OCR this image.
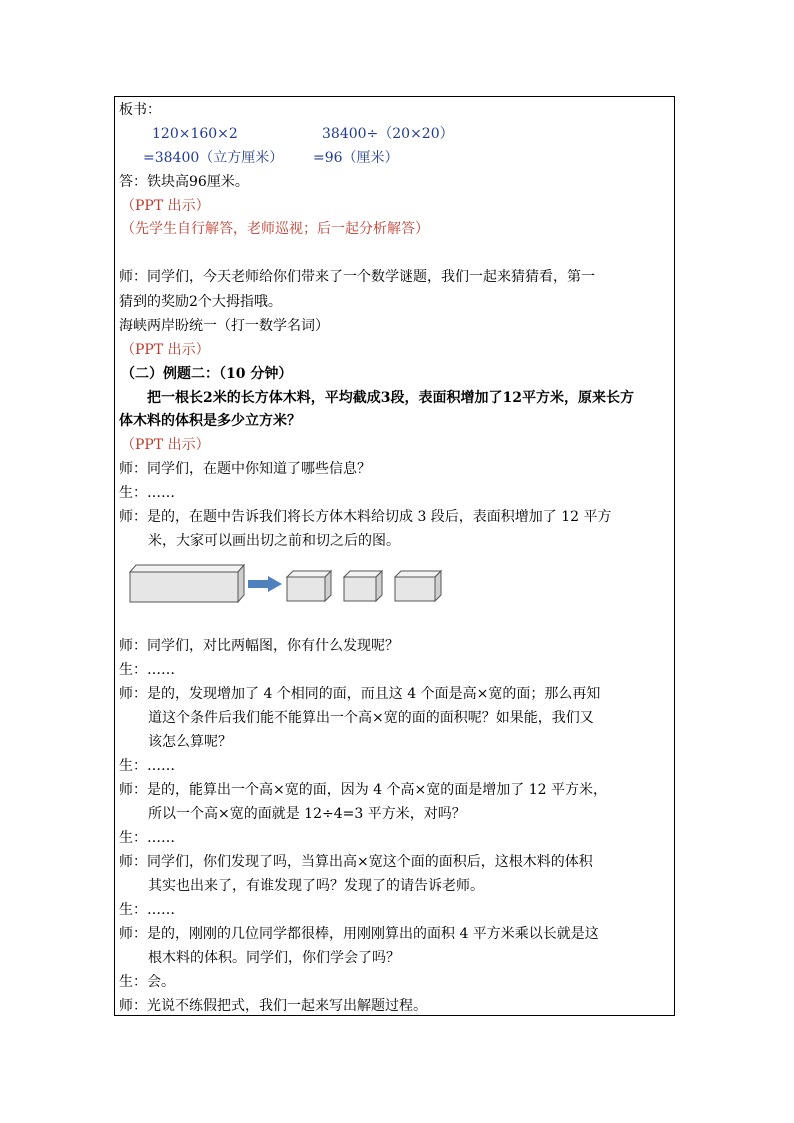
板书：
120×160×2	38400÷（20×20）
=38400（立方厘米） =96（厘米）
答：铁块高96厘米。
（PPT 出示）
（先学生自行解答，老师巡视；后一起分析解答）
师：同学们，今天老师给你们带来了一个数学谜题，我们一起来猜猜看，第一
猜到的奖励2个大拇指哦。
海峡两岸盼统一（打一数学名词）
（PPT 出示）
（二）例题二：（10 分钟）
把一根长2米的长方体木料，平均截成3段，表面积增加了12平方米，原来长方
体木料的体积是多少立方米？
（PPT 出示）
师：同学们，在题中你知道了哪些信息？
生：……
师：是的，在题中告诉我们将长方体木料给切成 3 段后，表面积增加了 12 平方
米，大家可以画出切之前和切之后的图。
师：同学们，对比两幅图，你有什么发现呢？
生：……
师：是的，发现增加了 4 个相同的面，而且这 4 个面是高×宽的面；那么再知
道这个条件后我们能不能算出一个高×宽的面的面积呢？如果能，我们又
该怎么算呢？
生：……
师：是的，能算出一个高×宽的面，因为 4 个高×宽的面是增加了 12 平方米，
所以一个高×宽的面就是 12÷4=3 平方米，对吗？
生：……
师：同学们，你们发现了吗，当算出高×宽这个面的面积后，这根木料的体积
其实也出来了，有谁发现了吗？发现了的请告诉老师。
生：……
师：是的，刚刚的几位同学都很棒，用刚刚算出的面积 4 平方米乘以长就是这
根木料的体积。同学们，你们学会了吗？
生：会。
师：光说不练假把式，我们一起来写出解题过程。
